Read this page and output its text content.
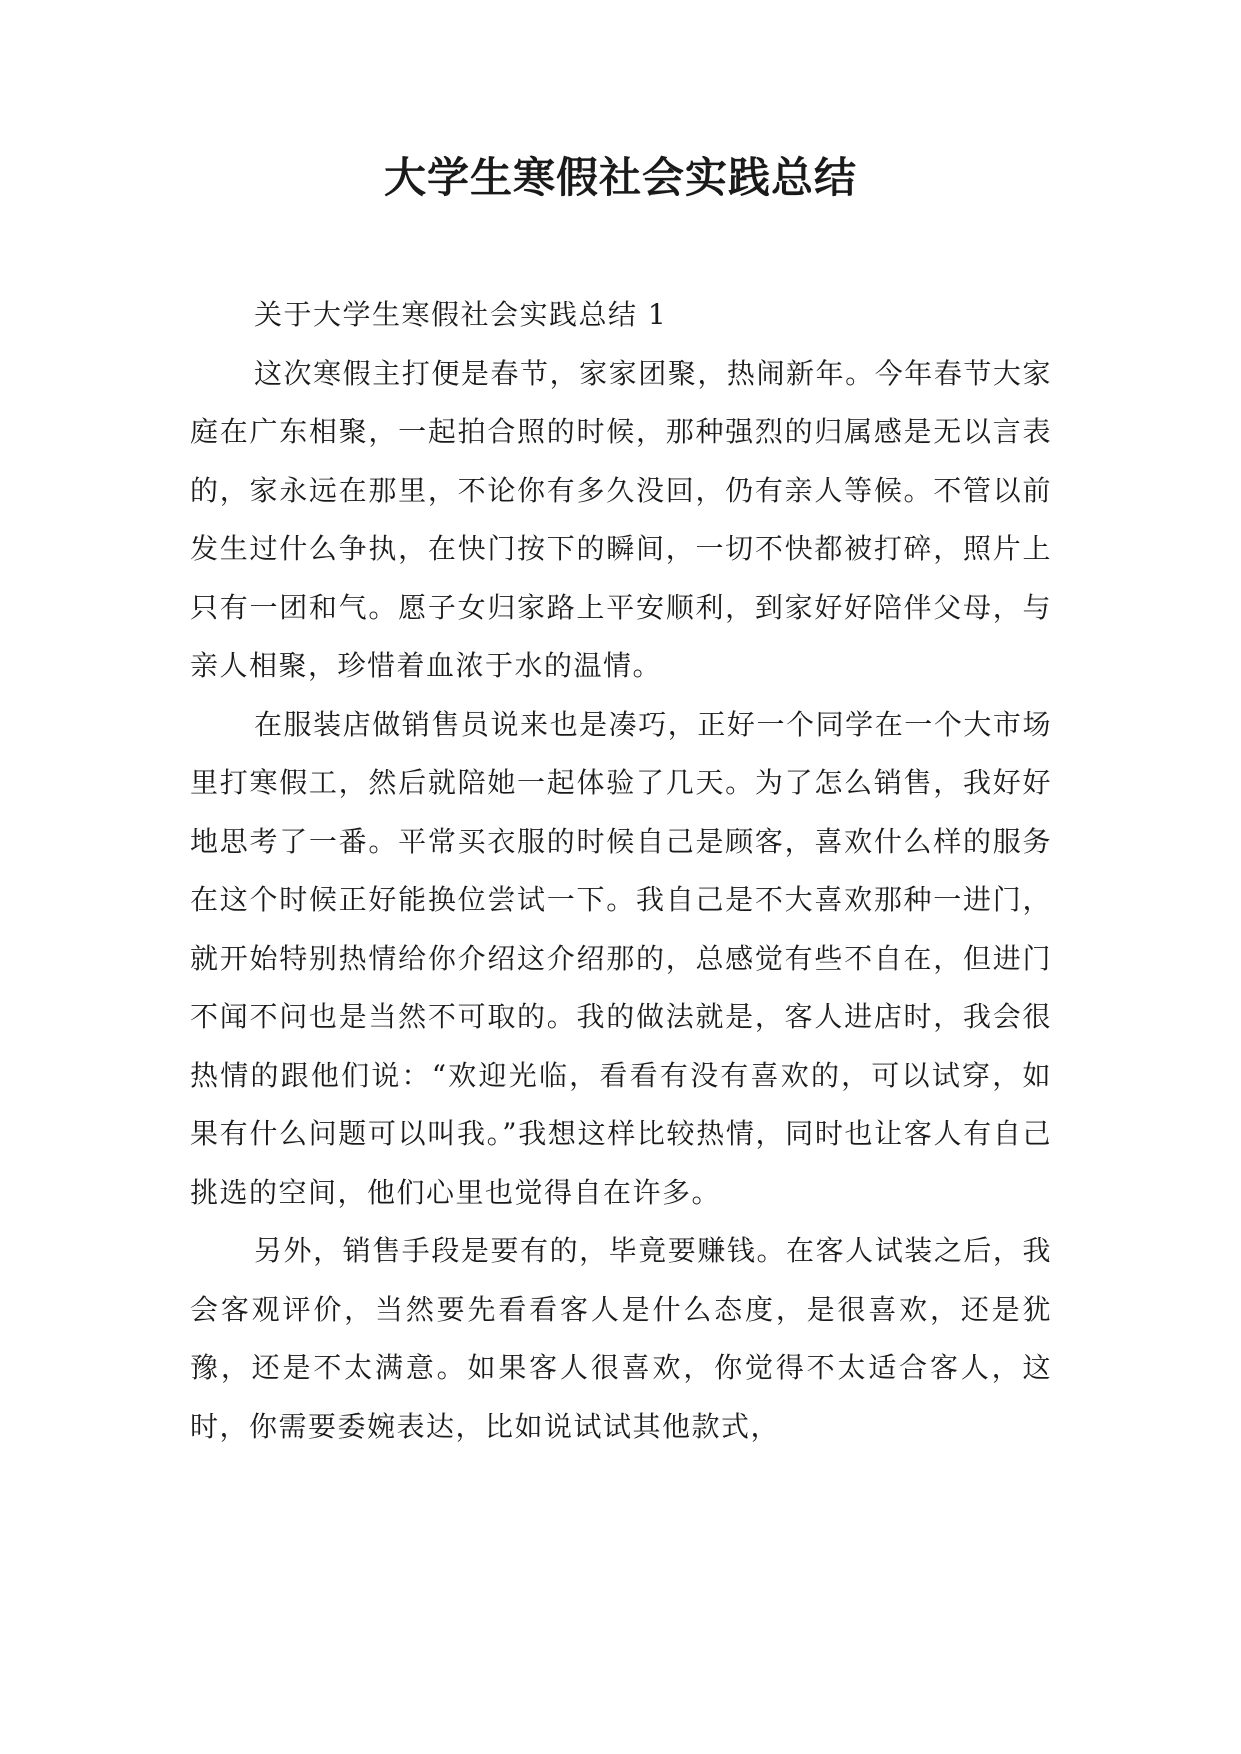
大学生寒假社会实践总结

关于大学生寒假社会实践总结 1

这次寒假主打便是春节，家家团聚，热闹新年。今年春节大家庭在广东相聚，一起拍合照的时候，那种强烈的归属感是无以言表的，家永远在那里，不论你有多久没回，仍有亲人等候。不管以前发生过什么争执，在快门按下的瞬间，一切不快都被打碎，照片上只有一团和气。愿子女归家路上平安顺利，到家好好陪伴父母，与亲人相聚，珍惜着血浓于水的温情。

在服装店做销售员说来也是凑巧，正好一个同学在一个大市场里打寒假工，然后就陪她一起体验了几天。为了怎么销售，我好好地思考了一番。平常买衣服的时候自己是顾客，喜欢什么样的服务在这个时候正好能换位尝试一下。我自己是不大喜欢那种一进门，就开始特别热情给你介绍这介绍那的，总感觉有些不自在，但进门不闻不问也是当然不可取的。我的做法就是，客人进店时，我会很热情的跟他们说：“欢迎光临，看看有没有喜欢的，可以试穿，如果有什么问题可以叫我。”我想这样比较热情，同时也让客人有自己挑选的空间，他们心里也觉得自在许多。

另外，销售手段是要有的，毕竟要赚钱。在客人试装之后，我会客观评价，当然要先看看客人是什么态度，是很喜欢，还是犹豫，还是不太满意。如果客人很喜欢，你觉得不太适合客人，这时，你需要委婉表达，比如说试试其他款式，
